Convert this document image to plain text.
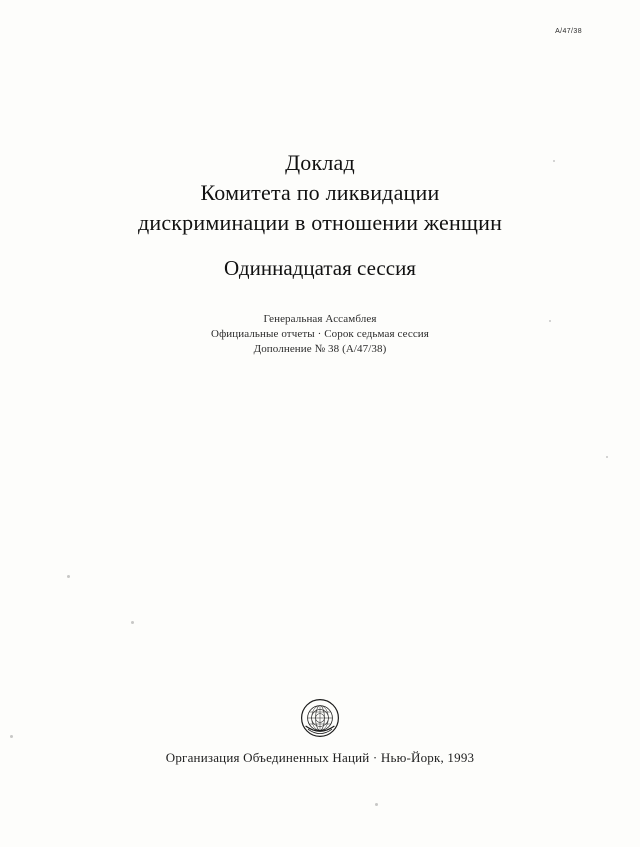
A/47/38
Доклад
Комитета по ликвидации
дискриминации в отношении женщин
Одиннадцатая сессия
Генеральная Ассамблея
Официальные отчеты · Сорок седьмая сессия
Дополнение № 38 (A/47/38)
Организация Объединенных Наций · Нью-Йорк, 1993
